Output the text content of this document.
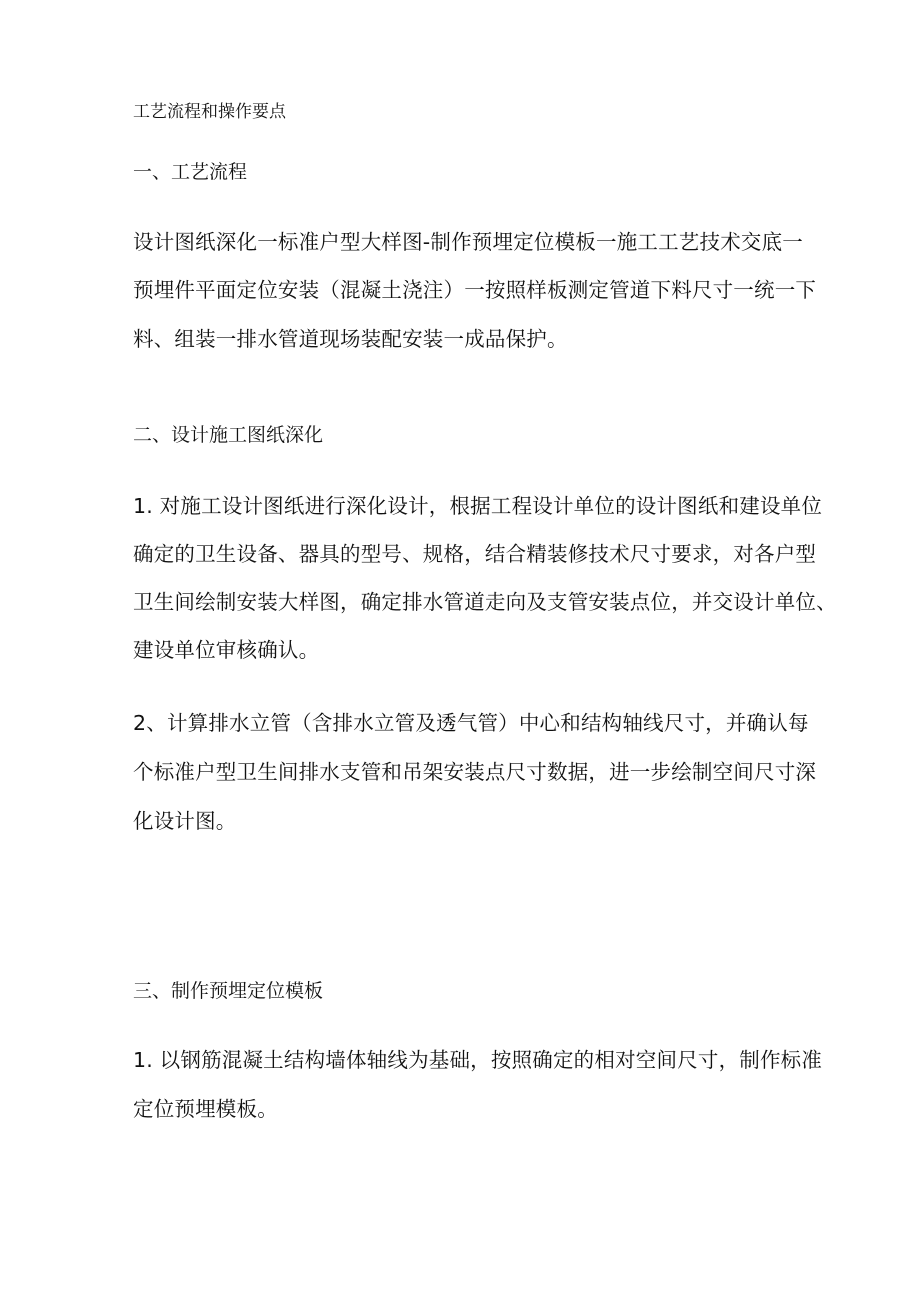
工艺流程和操作要点

一、工艺流程

设计图纸深化一标准户型大样图-制作预埋定位模板一施工工艺技术交底一

预埋件平面定位安装（混凝土浇注）一按照样板测定管道下料尺寸一统一下

料、组装一排水管道现场装配安装一成品保护。

二、设计施工图纸深化

1. 对施工设计图纸进行深化设计，根据工程设计单位的设计图纸和建设单位

确定的卫生设备、器具的型号、规格，结合精装修技术尺寸要求，对各户型

卫生间绘制安装大样图，确定排水管道走向及支管安装点位，并交设计单位、

建设单位审核确认。

2、计算排水立管（含排水立管及透气管）中心和结构轴线尺寸，并确认每

个标准户型卫生间排水支管和吊架安装点尺寸数据，进一步绘制空间尺寸深

化设计图。

三、制作预埋定位模板

1. 以钢筋混凝土结构墙体轴线为基础，按照确定的相对空间尺寸，制作标准

定位预埋模板。
